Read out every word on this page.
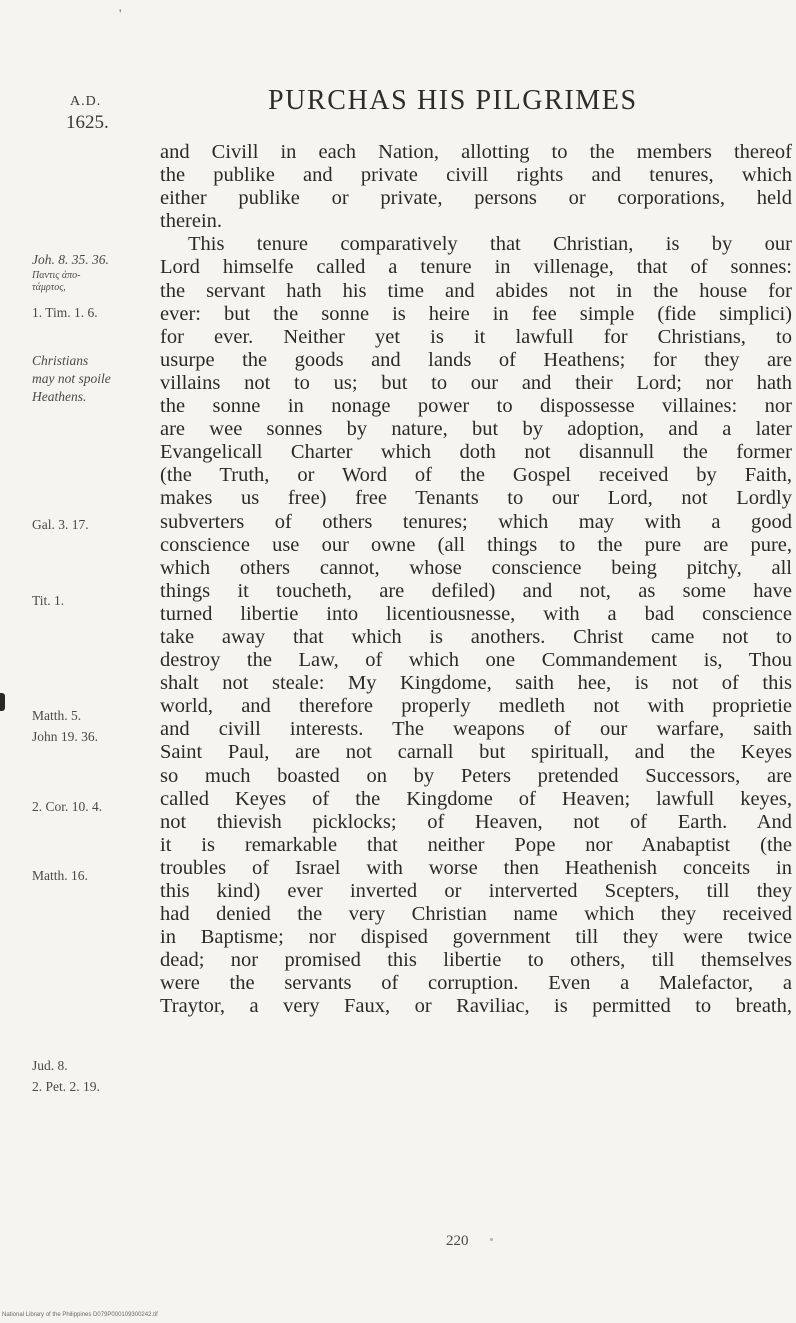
'
A.D.
1625.
PURCHAS HIS PILGRIMES
Joh. 8. 35. 36.
Παντις ἀπο-
τάμρτος,
1. Tim. 1. 6.
Christians
may not spoile
Heathens.
Gal. 3. 17.
Tit. 1.
Matth. 5.
John 19. 36.
2. Cor. 10. 4.
Matth. 16.
Jud. 8.
2. Pet. 2. 19.
and Civill in each Nation, allotting to the members thereof
the publike and private civill rights and tenures, which
either publike or private, persons or corporations, held
therein.
This tenure comparatively that Christian, is by our
Lord himselfe called a tenure in villenage, that of sonnes:
the servant hath his time and abides not in the house for
ever: but the sonne is heire in fee simple (fide simplici)
for ever. Neither yet is it lawfull for Christians, to
usurpe the goods and lands of Heathens; for they are
villains not to us; but to our and their Lord; nor hath
the sonne in nonage power to dispossesse villaines: nor
are wee sonnes by nature, but by adoption, and a later
Evangelicall Charter which doth not disannull the former
(the Truth, or Word of the Gospel received by Faith,
makes us free) free Tenants to our Lord, not Lordly
subverters of others tenures; which may with a good
conscience use our owne (all things to the pure are pure,
which others cannot, whose conscience being pitchy, all
things it toucheth, are defiled) and not, as some have
turned libertie into licentiousnesse, with a bad conscience
take away that which is anothers. Christ came not to
destroy the Law, of which one Commandement is, Thou
shalt not steale: My Kingdome, saith hee, is not of this
world, and therefore properly medleth not with proprietie
and civill interests. The weapons of our warfare, saith
Saint Paul, are not carnall but spirituall, and the Keyes
so much boasted on by Peters pretended Successors, are
called Keyes of the Kingdome of Heaven; lawfull keyes,
not thievish picklocks; of Heaven, not of Earth. And
it is remarkable that neither Pope nor Anabaptist (the
troubles of Israel with worse then Heathenish conceits in
this kind) ever inverted or interverted Scepters, till they
had denied the very Christian name which they received
in Baptisme; nor dispised government till they were twice
dead; nor promised this libertie to others, till themselves
were the servants of corruption. Even a Malefactor, a
Traytor, a very Faux, or Raviliac, is permitted to breath,
220
National Library of the Philippines D079P000109300242.tif
